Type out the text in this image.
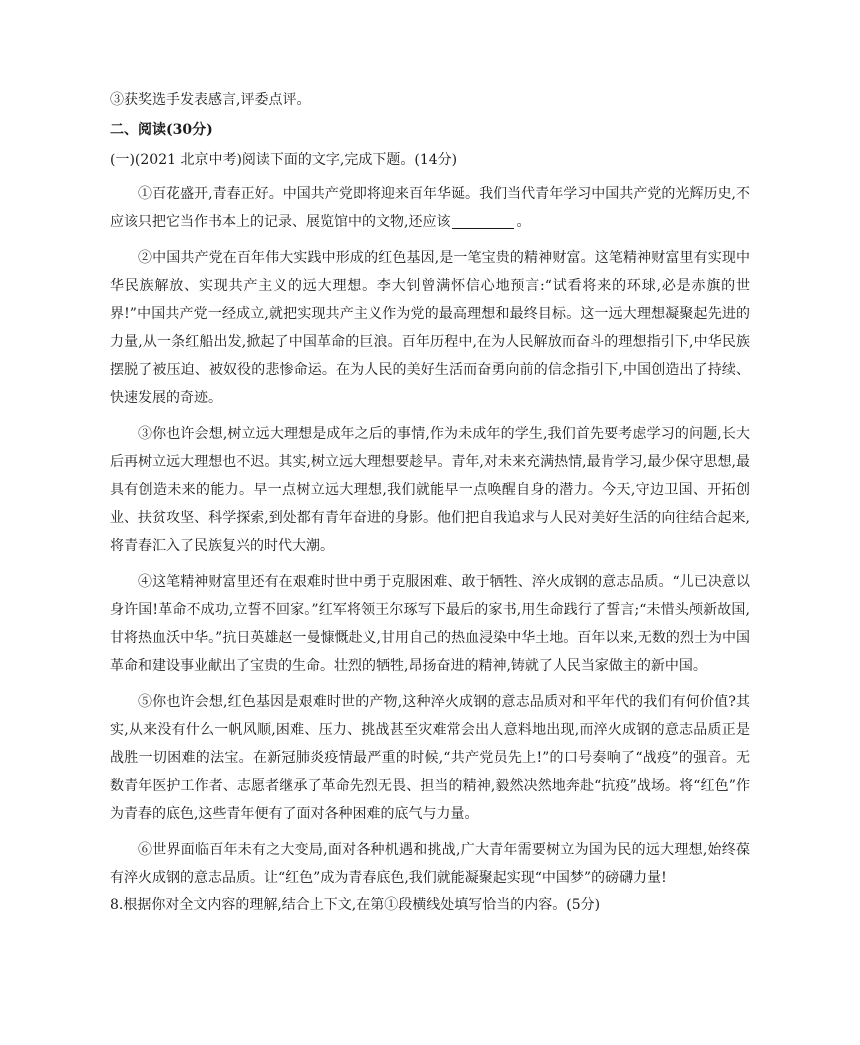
③获奖选手发表感言,评委点评。

二、阅读(30分)

(一)(2021 北京中考)阅读下面的文字,完成下题。(14分)

①百花盛开,青春正好。中国共产党即将迎来百年华诞。我们当代青年学习中国共产党的光辉历史,不应该只把它当作书本上的记录、展览馆中的文物,还应该	。

②中国共产党在百年伟大实践中形成的红色基因,是一笔宝贵的精神财富。这笔精神财富里有实现中华民族解放、实现共产主义的远大理想。李大钊曾满怀信心地预言:“试看将来的环球,必是赤旗的世界!”中国共产党一经成立,就把实现共产主义作为党的最高理想和最终目标。这一远大理想凝聚起先进的力量,从一条红船出发,掀起了中国革命的巨浪。百年历程中,在为人民解放而奋斗的理想指引下,中华民族摆脱了被压迫、被奴役的悲惨命运。在为人民的美好生活而奋勇向前的信念指引下,中国创造出了持续、快速发展的奇迹。

③你也许会想,树立远大理想是成年之后的事情,作为未成年的学生,我们首先要考虑学习的问题,长大后再树立远大理想也不迟。其实,树立远大理想要趁早。青年,对未来充满热情,最肯学习,最少保守思想,最具有创造未来的能力。早一点树立远大理想,我们就能早一点唤醒自身的潜力。今天,守边卫国、开拓创业、扶贫攻坚、科学探索,到处都有青年奋进的身影。他们把自我追求与人民对美好生活的向往结合起来,将青春汇入了民族复兴的时代大潮。

④这笔精神财富里还有在艰难时世中勇于克服困难、敢于牺牲、淬火成钢的意志品质。“儿已决意以身许国!革命不成功,立誓不回家。”红军将领王尔琢写下最后的家书,用生命践行了誓言;“未惜头颅新故国,甘将热血沃中华。”抗日英雄赵一曼慷慨赴义,甘用自己的热血浸染中华土地。百年以来,无数的烈士为中国革命和建设事业献出了宝贵的生命。壮烈的牺牲,昂扬奋进的精神,铸就了人民当家做主的新中国。

⑤你也许会想,红色基因是艰难时世的产物,这种淬火成钢的意志品质对和平年代的我们有何价值?其实,从来没有什么一帆风顺,困难、压力、挑战甚至灾难常会出人意料地出现,而淬火成钢的意志品质正是战胜一切困难的法宝。在新冠肺炎疫情最严重的时候,“共产党员先上!”的口号奏响了“战疫”的强音。无数青年医护工作者、志愿者继承了革命先烈无畏、担当的精神,毅然决然地奔赴“抗疫”战场。将“红色”作为青春的底色,这些青年便有了面对各种困难的底气与力量。

⑥世界面临百年未有之大变局,面对各种机遇和挑战,广大青年需要树立为国为民的远大理想,始终葆有淬火成钢的意志品质。让“红色”成为青春底色,我们就能凝聚起实现“中国梦”的磅礴力量!

8.根据你对全文内容的理解,结合上下文,在第①段横线处填写恰当的内容。(5分)
